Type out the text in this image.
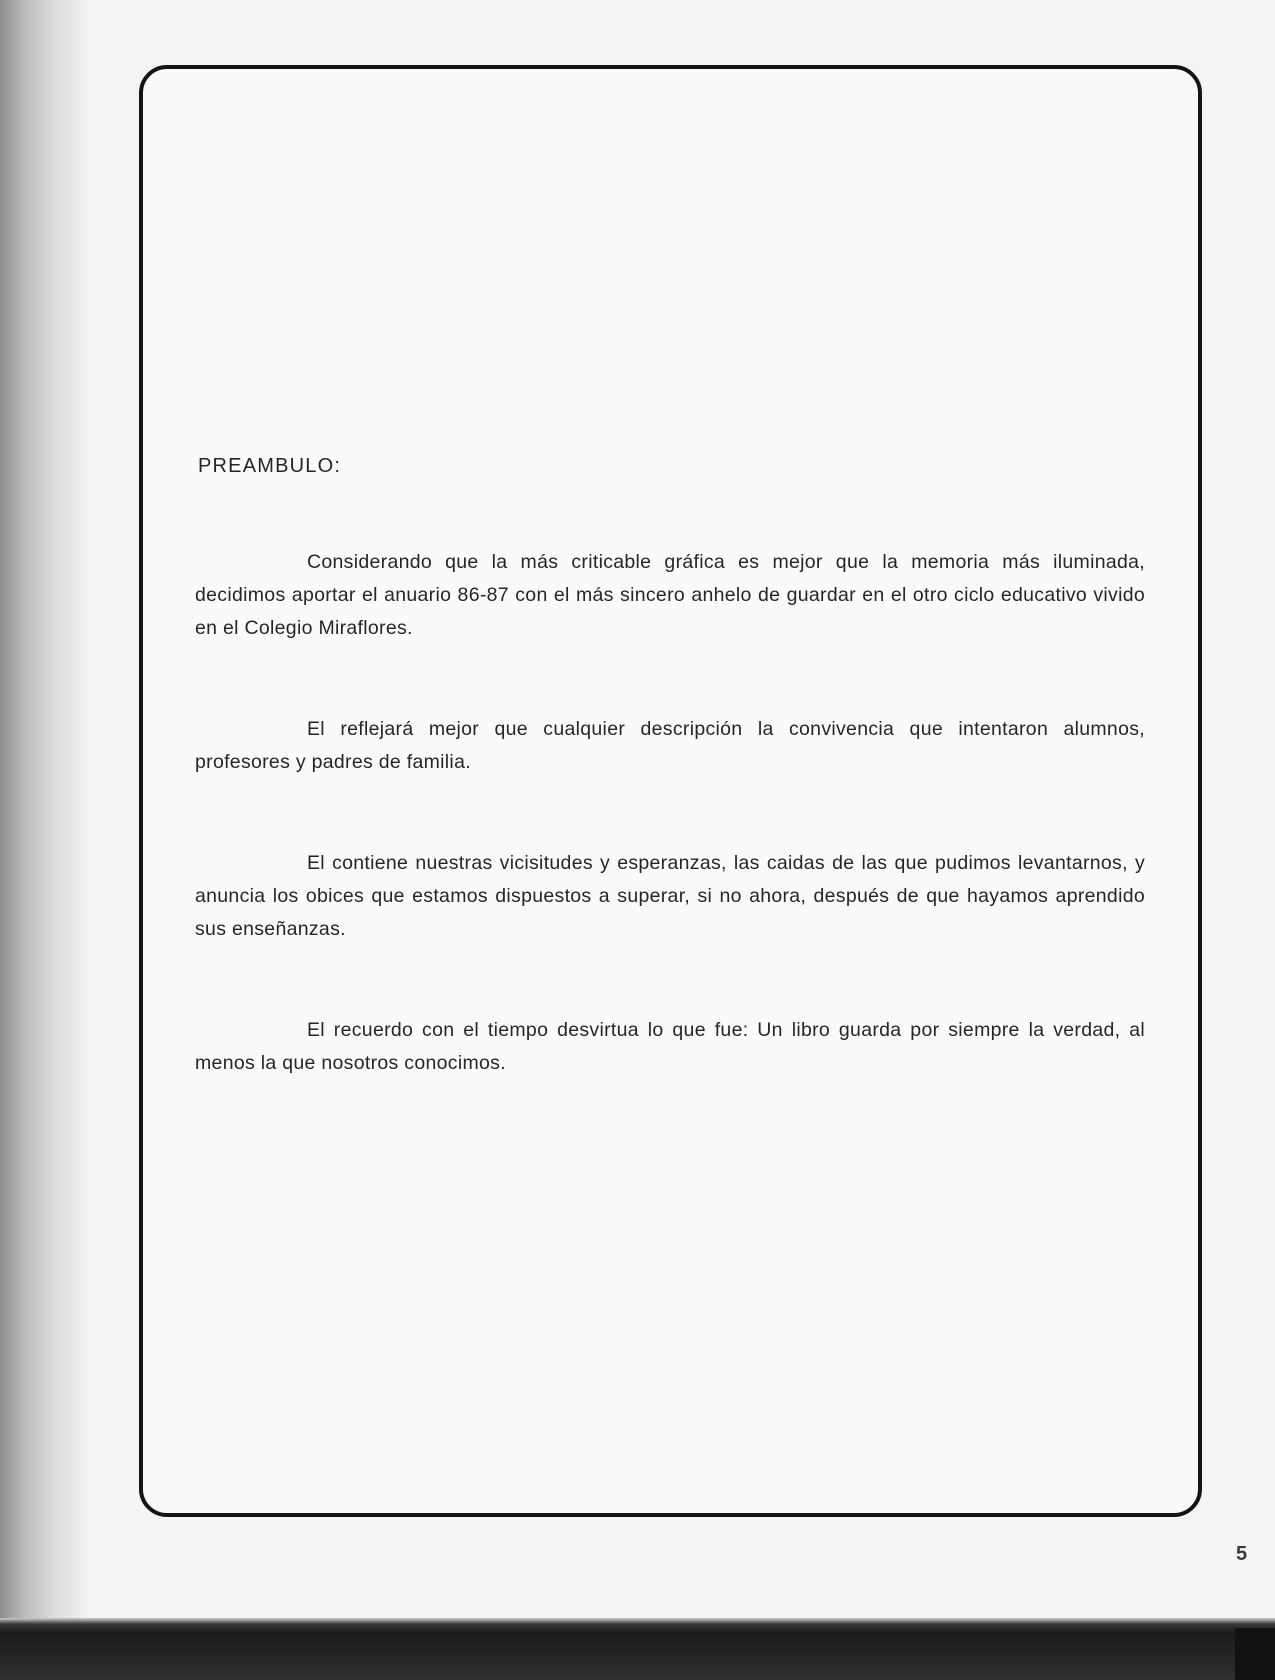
PREAMBULO:

Considerando que la más criticable gráfica es mejor que la memoria más iluminada, decidimos aportar el anuario 86-87 con el más sincero anhelo de guardar en el otro ciclo educativo vivido en el Colegio Miraflores.

El reflejará mejor que cualquier descripción la convivencia que intentaron alumnos, profesores y padres de familia.

El contiene nuestras vicisitudes y esperanzas, las caidas de las que pudimos levantarnos, y anuncia los obices que estamos dispuestos a superar, si no ahora, después de que hayamos aprendido sus enseñanzas.

El recuerdo con el tiempo desvirtua lo que fue: Un libro guarda por siempre la verdad, al menos la que nosotros conocimos.

5
